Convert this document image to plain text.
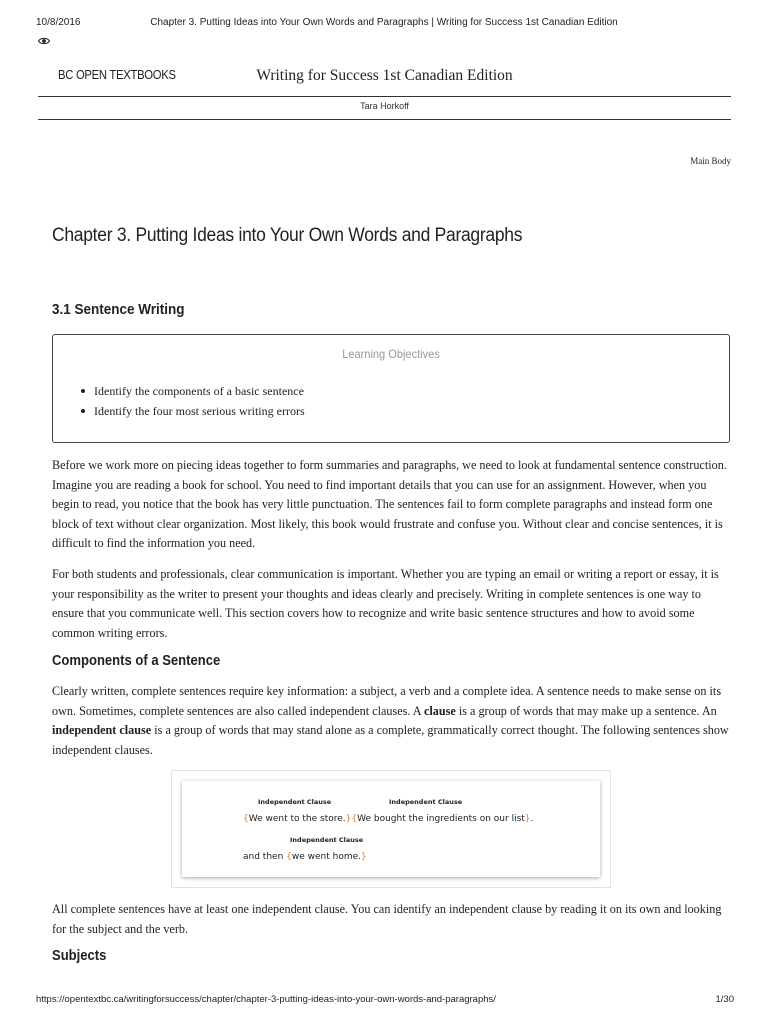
10/8/2016	Chapter 3. Putting Ideas into Your Own Words and Paragraphs | Writing for Success 1st Canadian Edition
BC OPEN TEXTBOOKS	Writing for Success 1st Canadian Edition
Tara Horkoff
Main Body
Chapter 3. Putting Ideas into Your Own Words and Paragraphs
3.1 Sentence Writing
Learning Objectives
Identify the components of a basic sentence
Identify the four most serious writing errors

Before we work more on piecing ideas together to form summaries and paragraphs, we need to look at fundamental sentence construction. Imagine you are reading a book for school. You need to find important details that you can use for an assignment. However, when you begin to read, you notice that the book has very little punctuation. The sentences fail to form complete paragraphs and instead form one block of text without clear organization. Most likely, this book would frustrate and confuse you. Without clear and concise sentences, it is difficult to find the information you need.

For both students and professionals, clear communication is important. Whether you are typing an email or writing a report or essay, it is your responsibility as the writer to present your thoughts and ideas clearly and precisely. Writing in complete sentences is one way to ensure that you communicate well. This section covers how to recognize and write basic sentence structures and how to avoid some common writing errors.

Components of a Sentence

Clearly written, complete sentences require key information: a subject, a verb and a complete idea. A sentence needs to make sense on its own. Sometimes, complete sentences are also called independent clauses. A clause is a group of words that may make up a sentence. An independent clause is a group of words that may stand alone as a complete, grammatically correct thought. The following sentences show independent clauses.

Independent Clause	Independent Clause
{We went to the store.}{We bought the ingredients on our list}.
Independent Clause
and then {we went home.}

All complete sentences have at least one independent clause. You can identify an independent clause by reading it on its own and looking for the subject and the verb.

Subjects
https://opentextbc.ca/writingforsuccess/chapter/chapter-3-putting-ideas-into-your-own-words-and-paragraphs/	1/30
